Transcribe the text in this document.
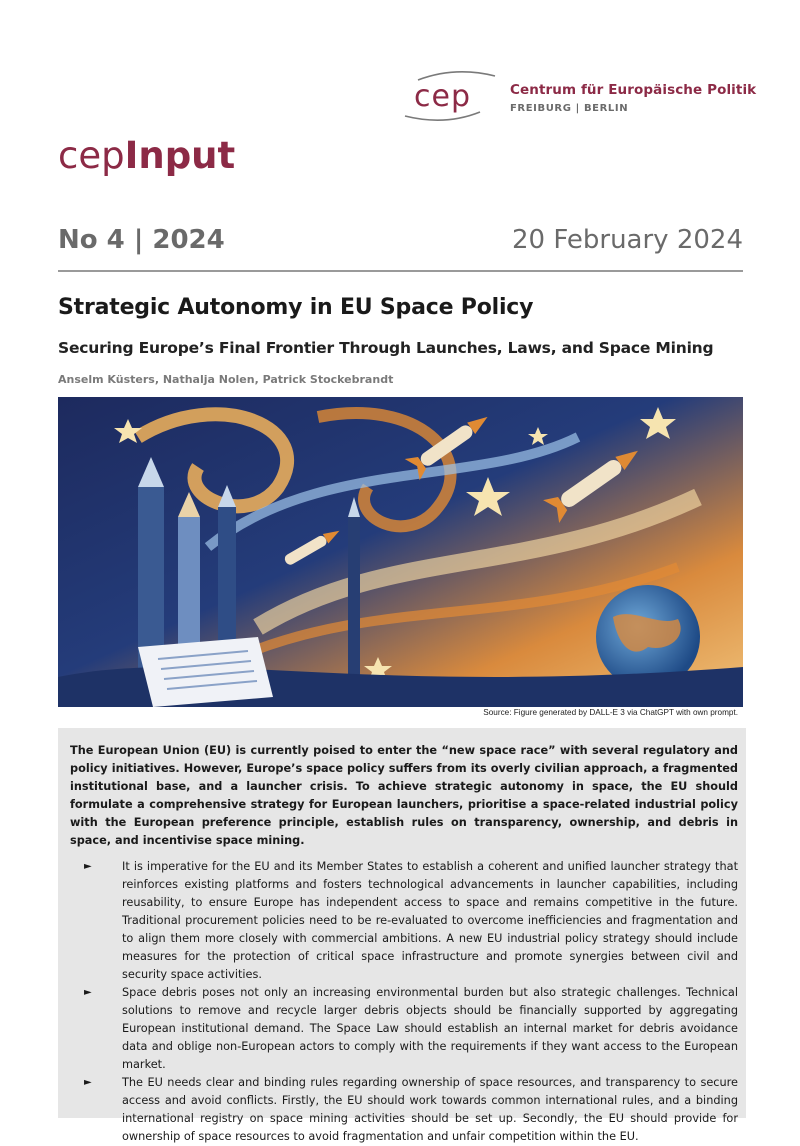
cep	Centrum für Europäische Politik
FREIBURG | BERLIN
cepInput
No 4 | 2024	20 February 2024
Strategic Autonomy in EU Space Policy
Securing Europe’s Final Frontier Through Launches, Laws, and Space Mining
Anselm Küsters, Nathalja Nolen, Patrick Stockebrandt
Source: Figure generated by DALL-E 3 via ChatGPT with own prompt.

The European Union (EU) is currently poised to enter the “new space race” with several regulatory and policy initiatives. However, Europe’s space policy suffers from its overly civilian approach, a fragmented institutional base, and a launcher crisis. To achieve strategic autonomy in space, the EU should formulate a comprehensive strategy for European launchers, prioritise a space-related industrial policy with the European preference principle, establish rules on transparency, ownership, and debris in space, and incentivise space mining.

►	It is imperative for the EU and its Member States to establish a coherent and unified launcher strategy that reinforces existing platforms and fosters technological advancements in launcher capabilities, including reusability, to ensure Europe has independent access to space and remains competitive in the future. Traditional procurement policies need to be re-evaluated to overcome inefficiencies and fragmentation and to align them more closely with commercial ambitions. A new EU industrial policy strategy should include measures for the protection of critical space infrastructure and promote synergies between civil and security space activities.
►	Space debris poses not only an increasing environmental burden but also strategic challenges. Technical solutions to remove and recycle larger debris objects should be financially supported by aggregating European institutional demand. The Space Law should establish an internal market for debris avoidance data and oblige non-European actors to comply with the requirements if they want access to the European market.
►	The EU needs clear and binding rules regarding ownership of space resources, and transparency to secure access and avoid conflicts. Firstly, the EU should work towards common international rules, and a binding international registry on space mining activities should be set up. Secondly, the EU should provide for ownership of space resources to avoid fragmentation and unfair competition within the EU.
